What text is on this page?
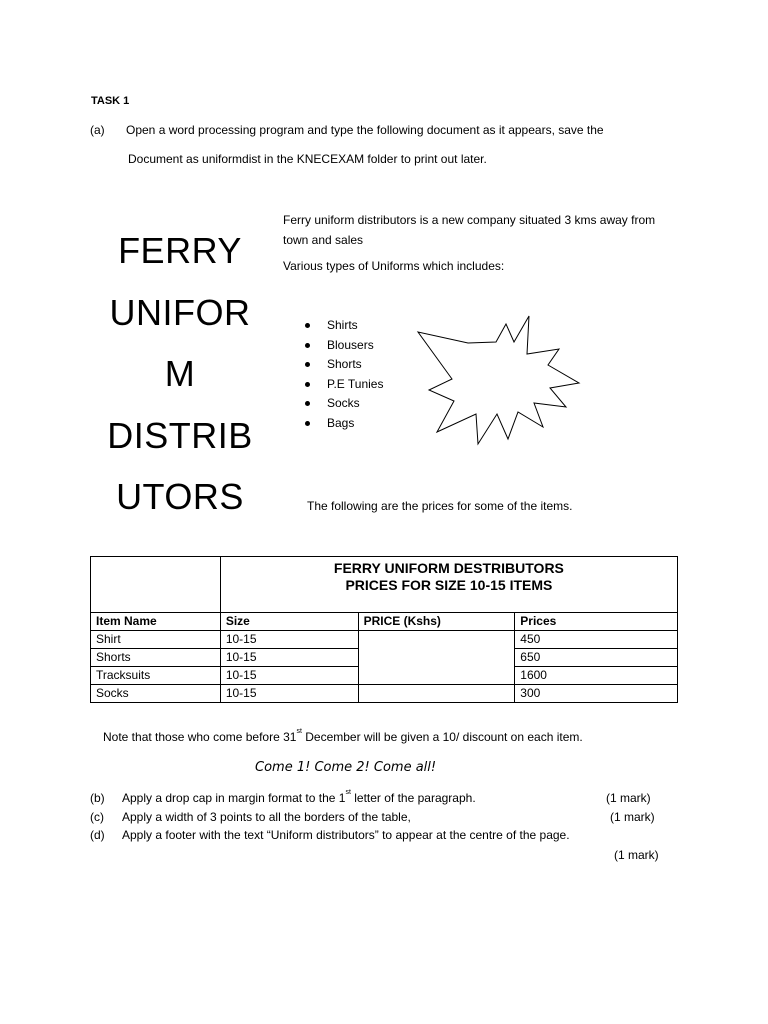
TASK 1
(a) Open a word processing program and type the following document as it appears, save the
Document as uniformdist in the KNECEXAM folder to print out later.
FERRY
UNIFOR
M
DISTRIB
UTORS
Ferry uniform distributors is a new company situated 3 kms away from town and sales
Various types of Uniforms which includes:
Shirts
Blousers
Shorts
P.E Tunies
Socks
Bags
The following are the prices for some of the items.

	FERRY UNIFORM DESTRIBUTORS
PRICES FOR SIZE 10-15 ITEMS		

Item Name	Size	PRICE (Kshs)	Prices
Shirt	10-15		450
Shorts	10-15		650
Tracksuits	10-15		1600
Socks	10-15		300
Note that those who come before 31st December will be given a 10/ discount on each item.
Come 1! Come 2! Come all!
(b) Apply a drop cap in margin format to the 1st letter of the paragraph.	(1 mark)
(c) Apply a width of 3 points to all the borders of the table,	(1 mark)
(d) Apply a footer with the text “Uniform distributors” to appear at the centre of the page.
(1 mark)
